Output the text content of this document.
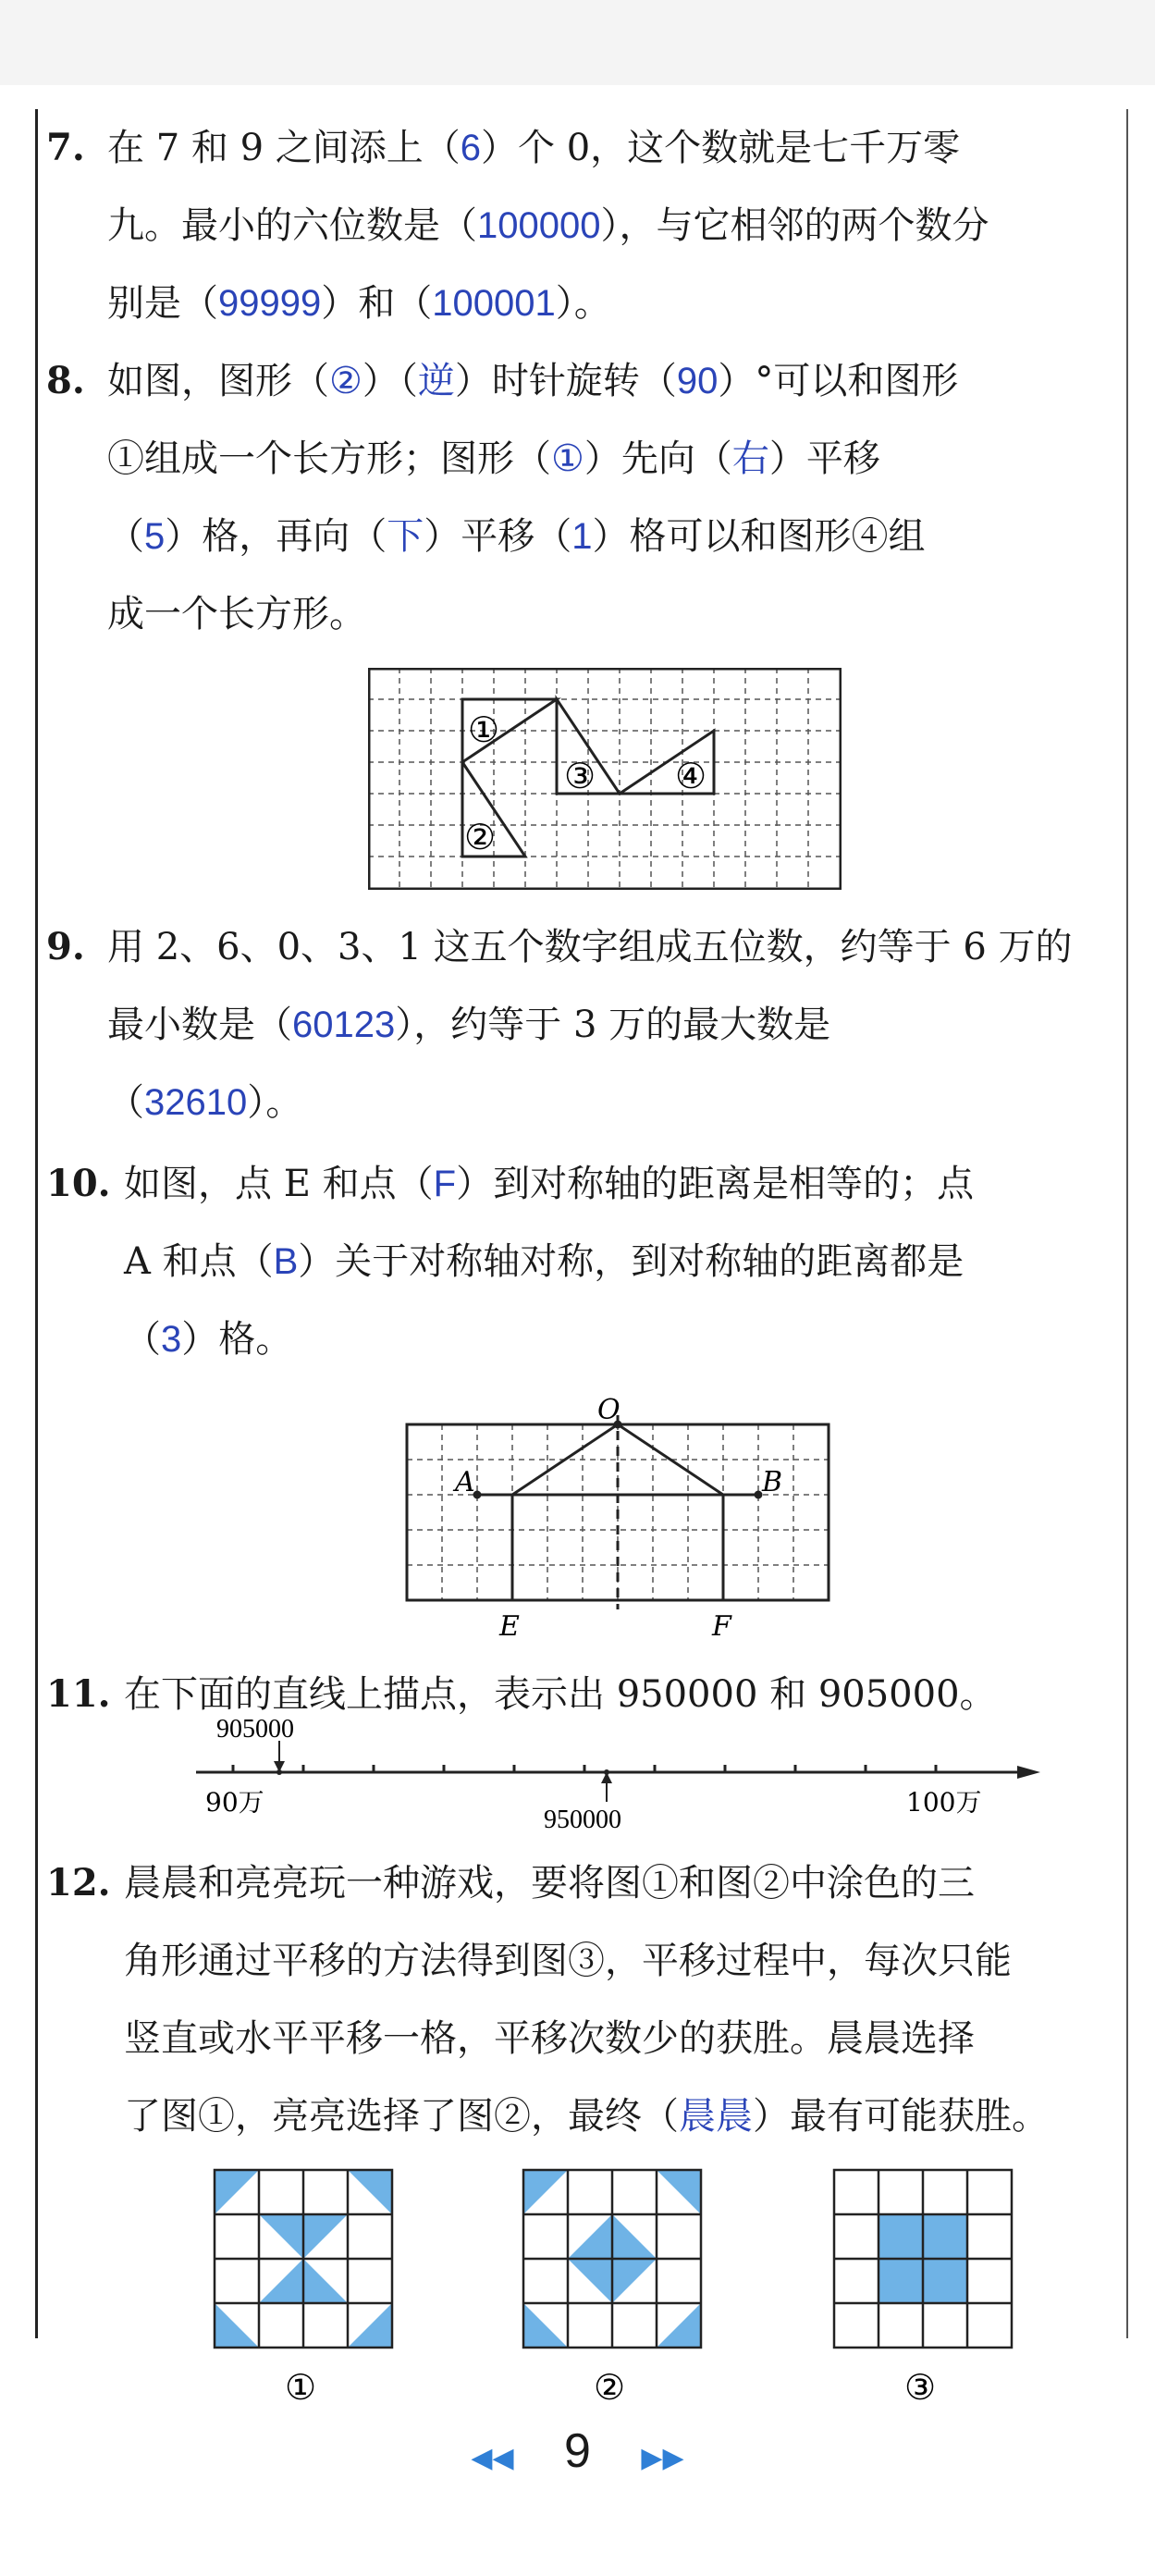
7. 在 7 和 9 之间添上（6）个 0，这个数就是七千万零
九。最小的六位数是（100000），与它相邻的两个数分
别是（99999）和（100001）。
8. 如图，图形（②）（逆）时针旋转（90）°可以和图形
①组成一个长方形；图形（①）先向（右）平移
（5）格，再向（下）平移（1）格可以和图形④组
成一个长方形。
①
②
③ ④
9. 用 2、6、0、3、1 这五个数字组成五位数，约等于 6 万的
最小数是（60123），约等于 3 万的最大数是
（32610）。
10. 如图，点 E 和点（F）到对称轴的距离是相等的；点
A 和点（B）关于对称轴对称，到对称轴的距离都是
（3）格。
O
A	B
E	F
11. 在下面的直线上描点，表示出 950000 和 905000。
905000
950000
90万	100万
12. 晨晨和亮亮玩一种游戏，要将图①和图②中涂色的三
角形通过平移的方法得到图③，平移过程中，每次只能
竖直或水平平移一格，平移次数少的获胜。晨晨选择
了图①，亮亮选择了图②，最终（晨晨）最有可能获胜。
①	②	③
◀◀ 9 ▶▶
